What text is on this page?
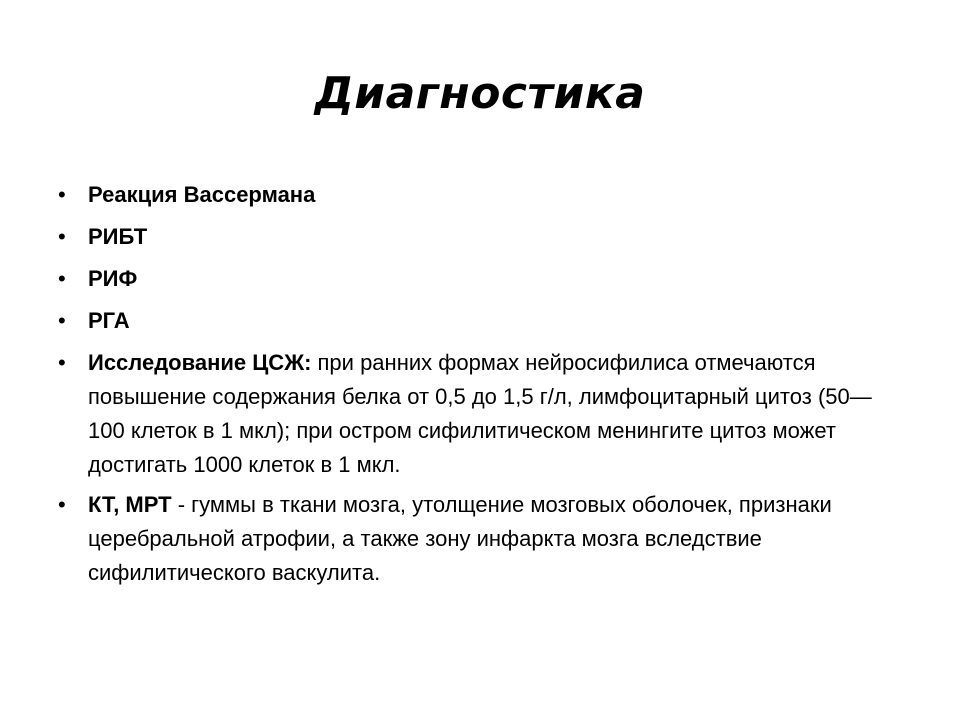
Диагностика
•	Реакция Вассермана
•	РИБТ
•	РИФ
•	РГА
•	Исследование ЦСЖ: при ранних формах нейросифилиса отмечаются повышение содержания белка от 0,5 до 1,5 г/л, лимфоцитарный цитоз (50—100 клеток в 1 мкл); при остром сифилитическом менингите цитоз может достигать 1000 клеток в 1 мкл.
•	КТ, МРТ - гуммы в ткани мозга, утолщение мозговых оболочек, признаки церебральной атрофии, а также зону инфаркта мозга вследствие сифилитического васкулита.
